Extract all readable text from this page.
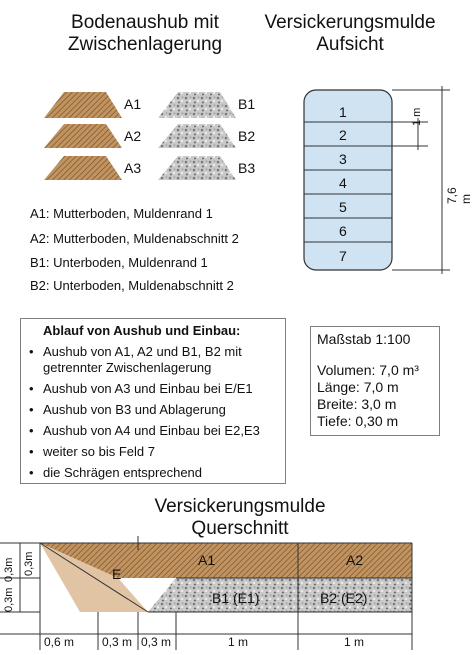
Bodenaushub mit
Zwischenlagerung
Versickerungsmulde
Aufsicht
A1
A2
A3
B1
B2
B3
A1: Mutterboden, Muldenrand 1
A2: Mutterboden, Muldenabschnitt 2
B1: Unterboden, Muldenrand 1
B2: Unterboden, Muldenabschnitt 2
1
2
3
4
5
6
7
1 m
7,6 m
Ablauf von Aushub und Einbau:
• Aushub von A1, A2 und B1, B2 mit getrennter Zwischenlagerung
• Aushub von A3 und Einbau bei E/E1
• Aushub von B3 und Ablagerung
• Aushub von A4 und Einbau bei E2,E3
• weiter so bis Feld 7
• die Schrägen entsprechend
Maßstab 1:100
Volumen: 7,0 m³
Länge: 7,0 m
Breite: 3,0 m
Tiefe: 0,30 m
Versickerungsmulde
Querschnitt
A1	A2
E
B1 (E1)	B2 (E2)
0,6 m 0,3 m 0,3 m	1 m	1 m
0,3m 0,3m
0,3m
